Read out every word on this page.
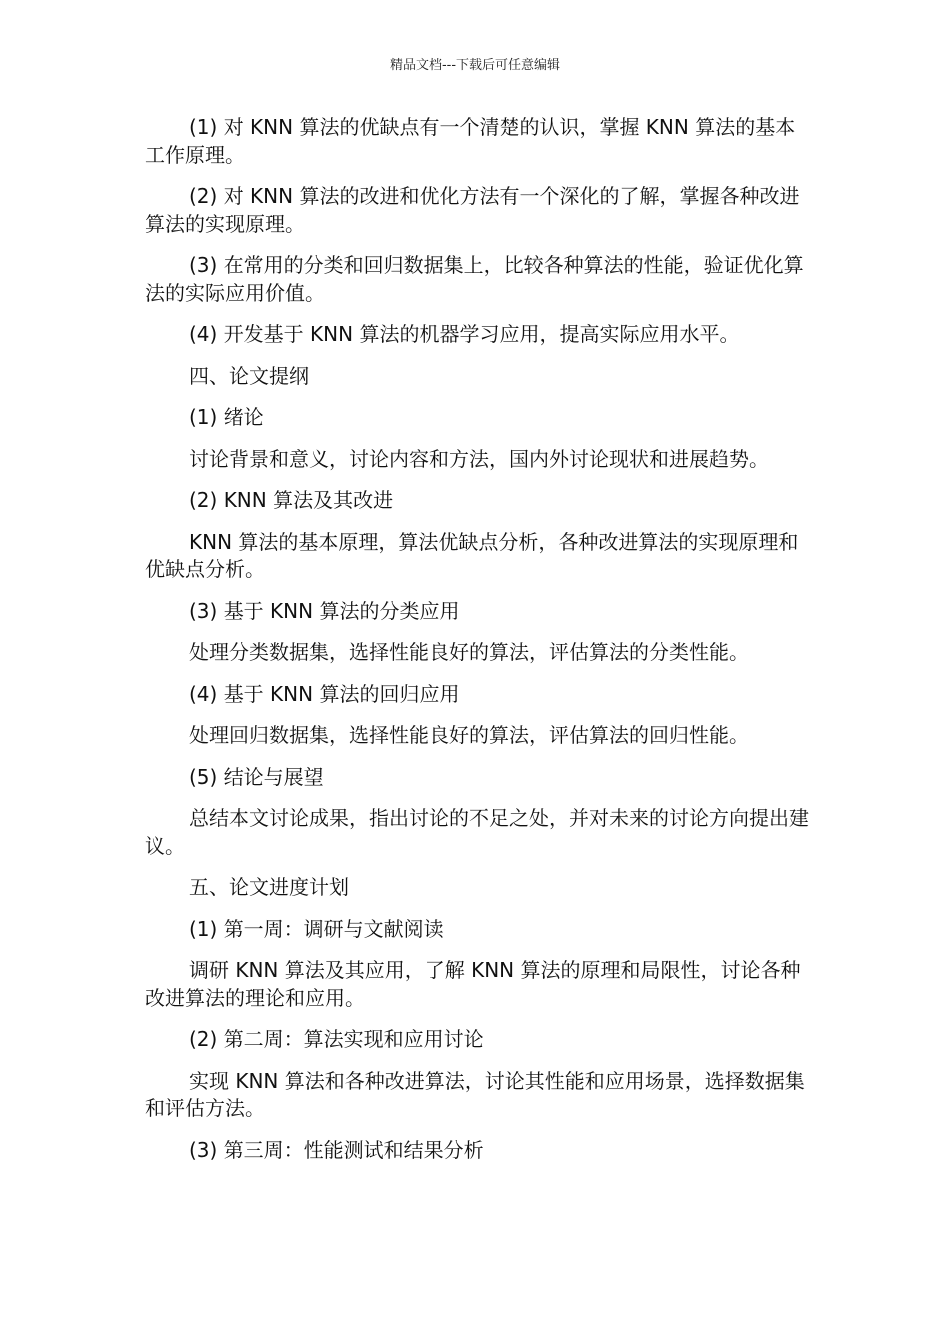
精品文档---下载后可任意编辑

(1) 对 KNN 算法的优缺点有一个清楚的认识，掌握 KNN 算法的基本工作原理。

(2) 对 KNN 算法的改进和优化方法有一个深化的了解，掌握各种改进算法的实现原理。

(3) 在常用的分类和回归数据集上，比较各种算法的性能，验证优化算法的实际应用价值。

(4) 开发基于 KNN 算法的机器学习应用，提高实际应用水平。

四、论文提纲

(1) 绪论

讨论背景和意义，讨论内容和方法，国内外讨论现状和进展趋势。

(2) KNN 算法及其改进

KNN 算法的基本原理，算法优缺点分析，各种改进算法的实现原理和优缺点分析。

(3) 基于 KNN 算法的分类应用

处理分类数据集，选择性能良好的算法，评估算法的分类性能。

(4) 基于 KNN 算法的回归应用

处理回归数据集，选择性能良好的算法，评估算法的回归性能。

(5) 结论与展望

总结本文讨论成果，指出讨论的不足之处，并对未来的讨论方向提出建议。

五、论文进度计划

(1) 第一周：调研与文献阅读

调研 KNN 算法及其应用，了解 KNN 算法的原理和局限性，讨论各种改进算法的理论和应用。

(2) 第二周：算法实现和应用讨论

实现 KNN 算法和各种改进算法，讨论其性能和应用场景，选择数据集和评估方法。

(3) 第三周：性能测试和结果分析
